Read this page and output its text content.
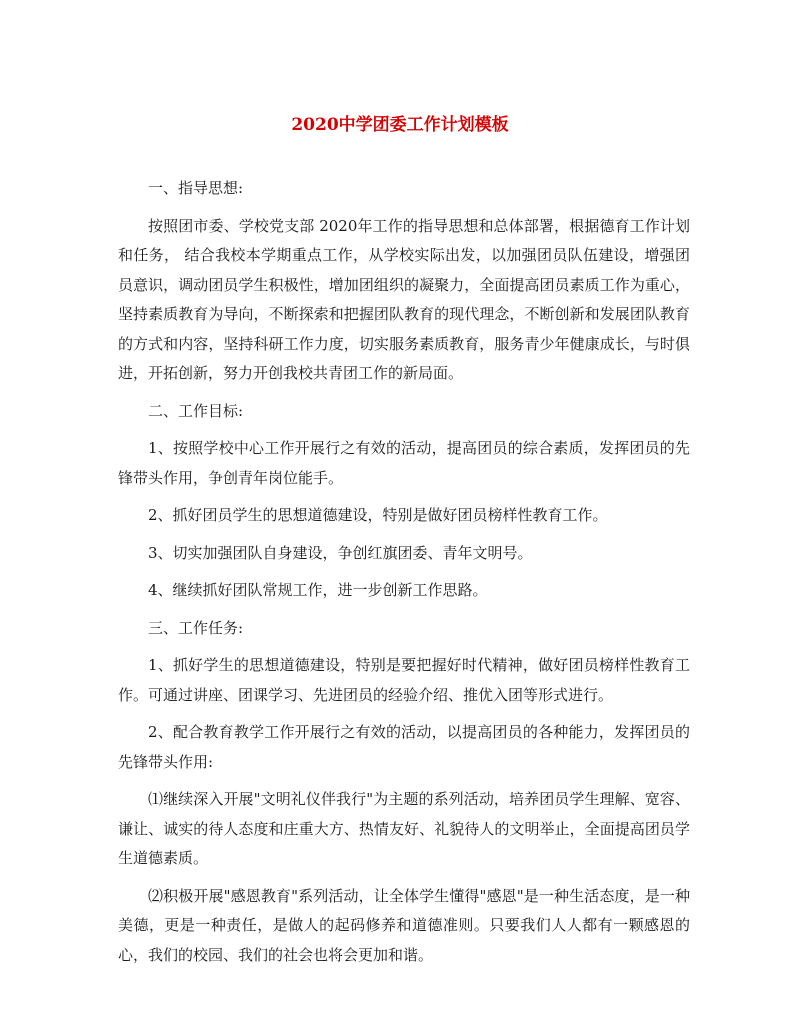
2020中学团委工作计划模板

一、指导思想:

按照团市委、学校党支部 2020年工作的指导思想和总体部署，根据德育工作计划和任务， 结合我校本学期重点工作，从学校实际出发，以加强团员队伍建设，增强团员意识，调动团员学生积极性，增加团组织的凝聚力，全面提高团员素质工作为重心，坚持素质教育为导向，不断探索和把握团队教育的现代理念，不断创新和发展团队教育的方式和内容，坚持科研工作力度，切实服务素质教育，服务青少年健康成长，与时俱进，开拓创新，努力开创我校共青团工作的新局面。

二、工作目标:

1、按照学校中心工作开展行之有效的活动，提高团员的综合素质，发挥团员的先锋带头作用，争创青年岗位能手。

2、抓好团员学生的思想道德建设，特别是做好团员榜样性教育工作。

3、切实加强团队自身建设，争创红旗团委、青年文明号。

4、继续抓好团队常规工作，进一步创新工作思路。

三、工作任务:

1、抓好学生的思想道德建设，特别是要把握好时代精神，做好团员榜样性教育工作。可通过讲座、团课学习、先进团员的经验介绍、推优入团等形式进行。

2、配合教育教学工作开展行之有效的活动，以提高团员的各种能力，发挥团员的先锋带头作用:

⑴继续深入开展"文明礼仪伴我行"为主题的系列活动，培养团员学生理解、宽容、谦让、诚实的待人态度和庄重大方、热情友好、礼貌待人的文明举止，全面提高团员学生道德素质。

⑵积极开展"感恩教育"系列活动，让全体学生懂得"感恩"是一种生活态度，是一种美德，更是一种责任，是做人的起码修养和道德准则。只要我们人人都有一颗感恩的心，我们的校园、我们的社会也将会更加和谐。
